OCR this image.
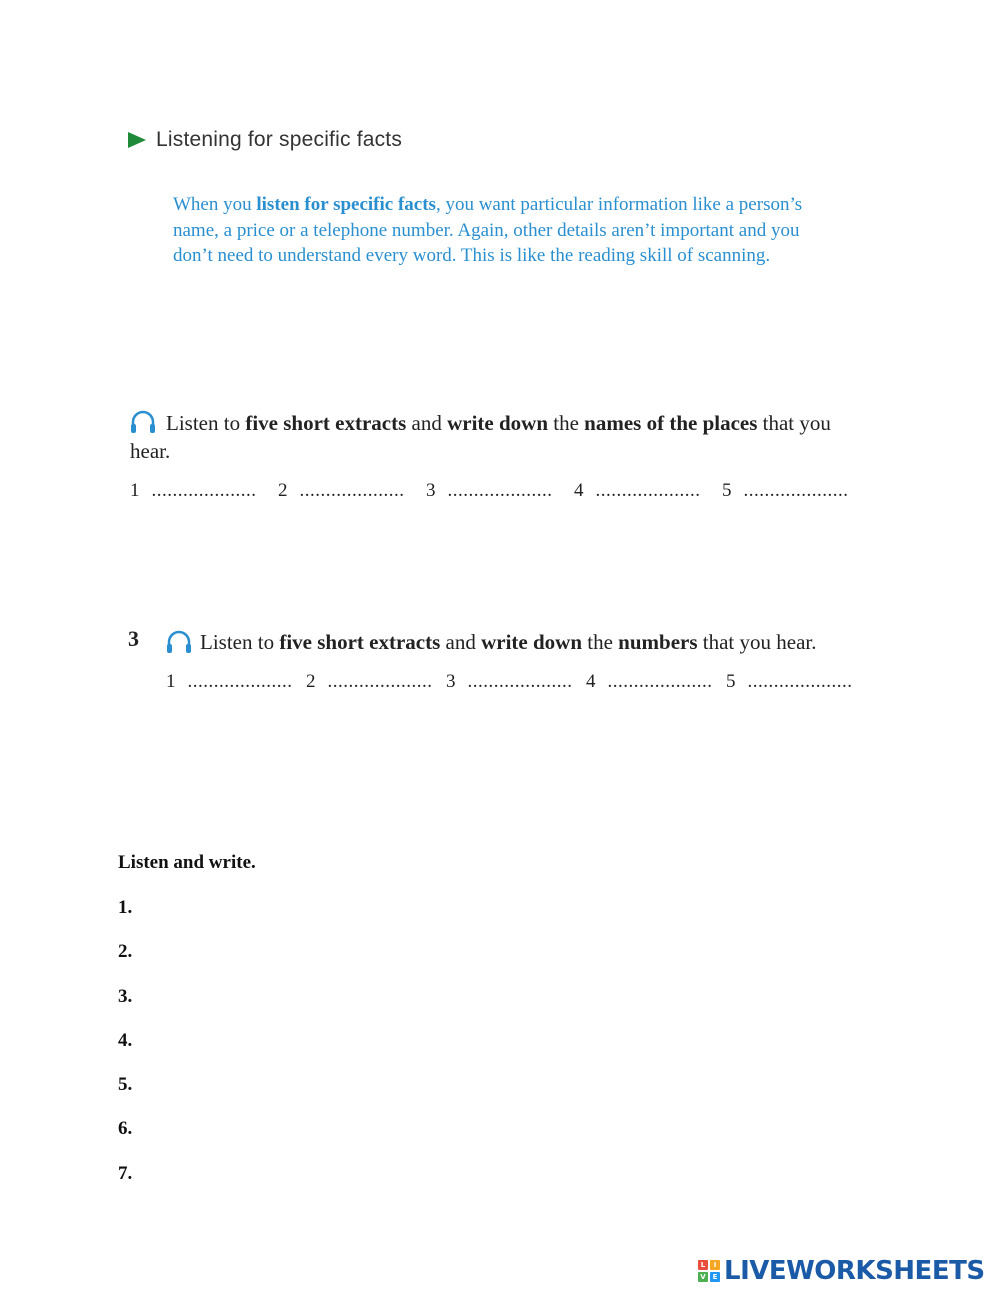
Listening for specific facts
When you listen for specific facts, you want particular information like a person’s name, a price or a telephone number. Again, other details aren’t important and you don’t need to understand every word. This is like the reading skill of scanning.
Listen to five short extracts and write down the names of the places that you hear.
1 .................... 2 .................... 3 .................... 4 .................... 5 ....................
3	Listen to five short extracts and write down the numbers that you hear.
1 .................... 2 .................... 3 .................... 4 .................... 5 ....................
Listen and write.
1.
2.
3.
4.
5.
6.
7.
L	I
V E LIVEWORKSHEETS
